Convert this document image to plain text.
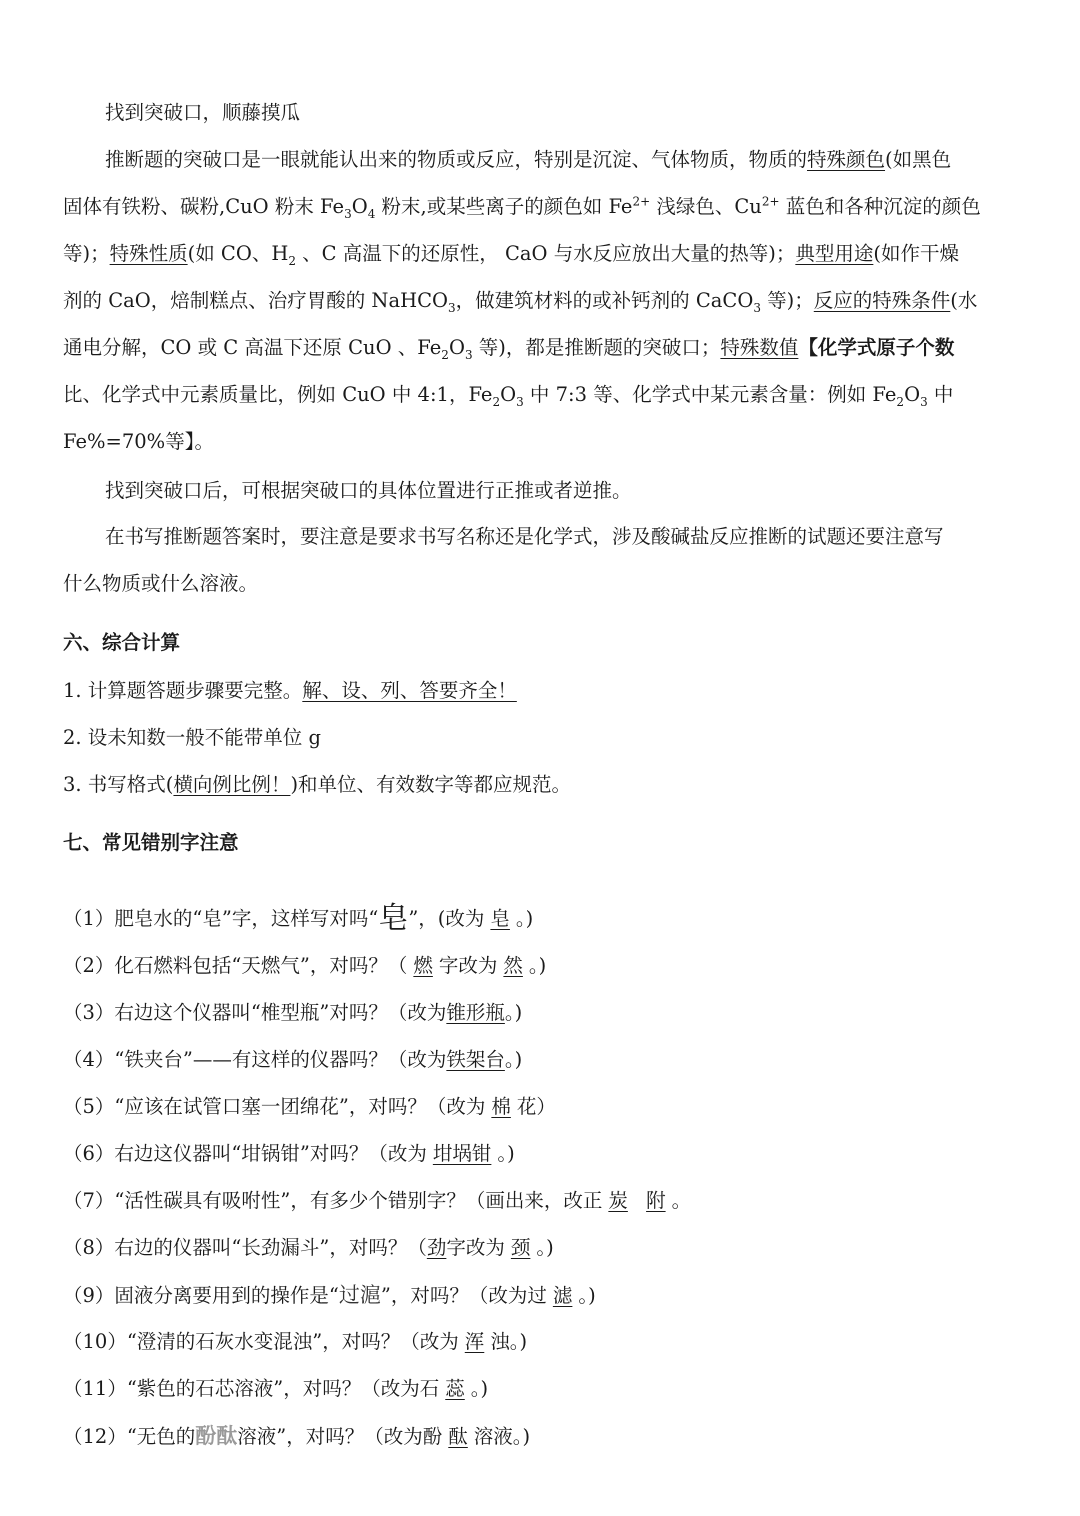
找到突破口，顺藤摸瓜
推断题的突破口是一眼就能认出来的物质或反应，特别是沉淀、气体物质，物质的特殊颜色(如黑色
固体有铁粉、碳粉,CuO 粉末 $Fe_3O_4$ 粉末,或某些离子的颜色如 $Fe^{2+}$ 浅绿色、$Cu^{2+}$ 蓝色和各种沉淀的颜色
等)；特殊性质(如 CO、$H_2$ 、C 高温下的还原性， CaO 与水反应放出大量的热等)；典型用途(如作干燥
剂的 CaO，焙制糕点、治疗胃酸的 NaHCO$_3$，做建筑材料的或补钙剂的 CaCO$_3$ 等)；反应的特殊条件(水
通电分解，CO 或 C 高温下还原 CuO 、$Fe_2O_3$ 等)，都是推断题的突破口；特殊数值【化学式原子个数
比、化学式中元素质量比，例如 CuO 中 4:1，$Fe_2O_3$ 中 7:3 等、化学式中某元素含量：例如 $Fe_2O_3$ 中
Fe%=70%等】。
找到突破口后，可根据突破口的具体位置进行正推或者逆推。
在书写推断题答案时，要注意是要求书写名称还是化学式，涉及酸碱盐反应推断的试题还要注意写
什么物质或什么溶液。
六、综合计算
1. 计算题答题步骤要完整。解、设、列、答要齐全！
2. 设未知数一般不能带单位 g
3. 书写格式(横向例比例！)和单位、有效数字等都应规范。
七、常见错别字注意
（1）肥皂水的“皂”字，这样写对吗“皂”，(改为 皂 。)
（2）化石燃料包括“天燃气”，对吗？（ 燃 字改为 然 。)
（3）右边这个仪器叫“椎型瓶”对吗？（改为锥形瓶。)
（4）“铁夹台”——有这样的仪器吗？（改为铁架台。)
（5）“应该在试管口塞一团绵花”，对吗？（改为 棉 花）
（6）右边这仪器叫“坩锅钳”对吗？（改为 坩埚钳 。)
（7）“活性碳具有吸咐性”，有多少个错别字？（画出来，改正 炭 附 。
（8）右边的仪器叫“长劲漏斗”，对吗？（劲字改为 颈 。)
（9）固液分离要用到的操作是“过滬”，对吗？（改为过 滤 。)
（10）“澄清的石灰水变混浊”，对吗？（改为 浑 浊。)
（11）“紫色的石芯溶液”，对吗？（改为石 蕊 。)
（12）“无色的酚酞溶液”，对吗？（改为酚 酞 溶液。)
